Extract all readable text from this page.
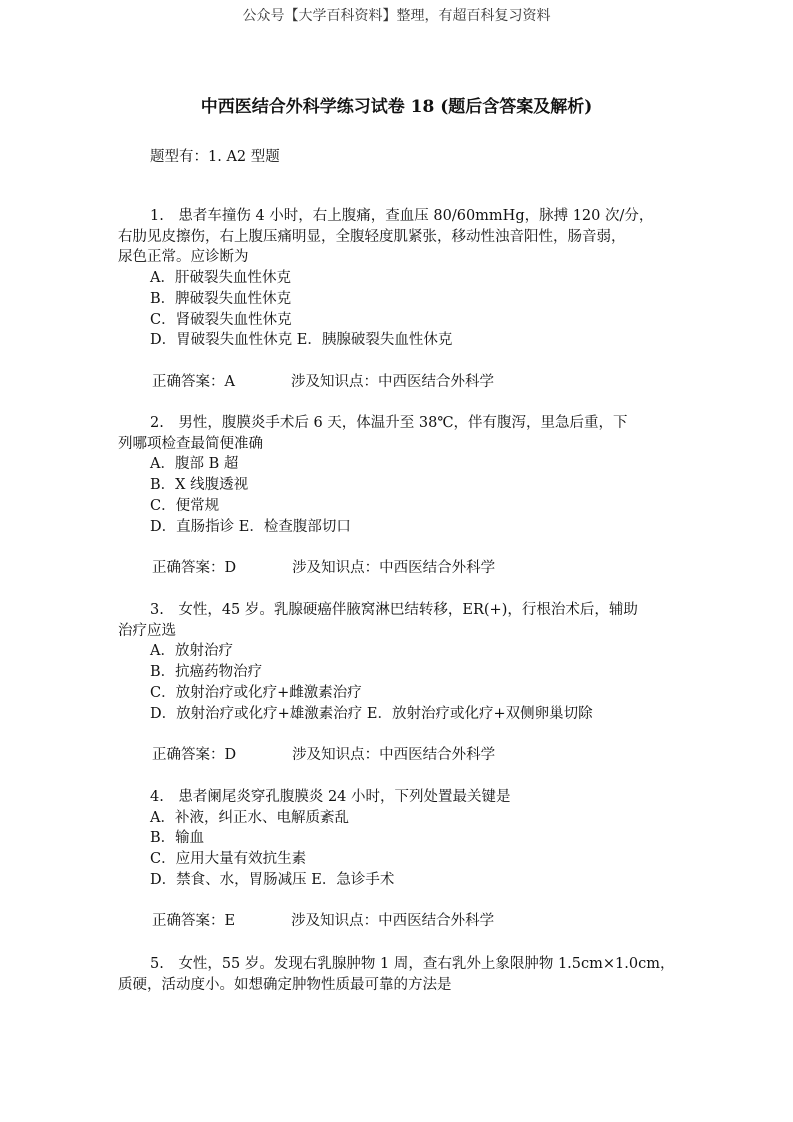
公众号【大学百科资料】整理，有超百科复习资料
中西医结合外科学练习试卷 18 (题后含答案及解析)
题型有：1. A2 型题
1.　患者车撞伤 4 小时，右上腹痛，查血压 80/60mmHg，脉搏 120 次/分，
右肋见皮擦伤，右上腹压痛明显，全腹轻度肌紧张，移动性浊音阳性，肠音弱，
尿色正常。应诊断为
A．肝破裂失血性休克
B．脾破裂失血性休克
C．肾破裂失血性休克
D．胃破裂失血性休克 E．胰腺破裂失血性休克
正确答案：A	涉及知识点：中西医结合外科学
2.　男性，腹膜炎手术后 6 天，体温升至 38℃，伴有腹泻，里急后重，下
列哪项检查最简便准确
A．腹部 B 超
B．X 线腹透视
C．便常规
D．直肠指诊 E．检查腹部切口
正确答案：D	涉及知识点：中西医结合外科学
3.　女性，45 岁。乳腺硬癌伴腋窝淋巴结转移，ER(+)，行根治术后，辅助
治疗应选
A．放射治疗
B．抗癌药物治疗
C．放射治疗或化疗+雌激素治疗
D．放射治疗或化疗+雄激素治疗 E．放射治疗或化疗+双侧卵巢切除
正确答案：D	涉及知识点：中西医结合外科学
4.　患者阑尾炎穿孔腹膜炎 24 小时，下列处置最关键是
A．补液，纠正水、电解质紊乱
B．输血
C．应用大量有效抗生素
D．禁食、水，胃肠减压 E．急诊手术
正确答案：E	涉及知识点：中西医结合外科学
5.　女性，55 岁。发现右乳腺肿物 1 周，查右乳外上象限肿物 1.5cm×1.0cm，
质硬，活动度小。如想确定肿物性质最可靠的方法是
